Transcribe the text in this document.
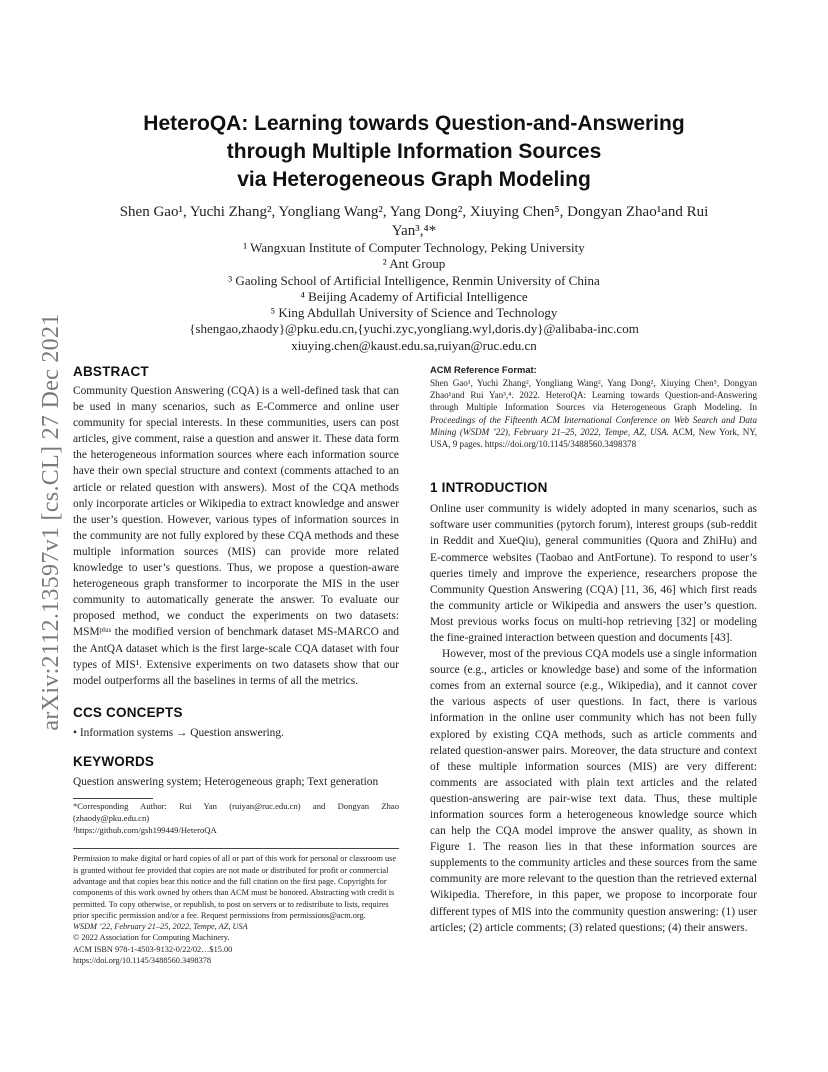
arXiv:2112.13597v1 [cs.CL] 27 Dec 2021
HeteroQA: Learning towards Question-and-Answering
through Multiple Information Sources
via Heterogeneous Graph Modeling
Shen Gao¹, Yuchi Zhang², Yongliang Wang², Yang Dong², Xiuying Chen⁵, Dongyan Zhao¹and Rui
Yan³,⁴*
¹ Wangxuan Institute of Computer Technology, Peking University
² Ant Group
³ Gaoling School of Artificial Intelligence, Renmin University of China
⁴ Beijing Academy of Artificial Intelligence
⁵ King Abdullah University of Science and Technology
{shengao,zhaody}@pku.edu.cn,{yuchi.zyc,yongliang.wyl,doris.dy}@alibaba-inc.com
xiuying.chen@kaust.edu.sa,ruiyan@ruc.edu.cn
ABSTRACT

Community Question Answering (CQA) is a well-defined task that can be used in many scenarios, such as E-Commerce and online user community for special interests. In these communities, users can post articles, give comment, raise a question and answer it. These data form the heterogeneous information sources where each information source have their own special structure and context (comments attached to an article or related question with answers). Most of the CQA methods only incorporate articles or Wikipedia to extract knowledge and answer the user’s question. However, various types of information sources in the community are not fully explored by these CQA methods and these multiple information sources (MIS) can provide more related knowledge to user’s questions. Thus, we propose a question-aware heterogeneous graph transformer to incorporate the MIS in the user community to automatically generate the answer. To evaluate our proposed method, we conduct the experiments on two datasets: MSMᵖˡᵘˢ the modified version of benchmark dataset MS-MARCO and the AntQA dataset which is the first large-scale CQA dataset with four types of MIS¹. Extensive experiments on two datasets show that our model outperforms all the baselines in terms of all the metrics.

CCS CONCEPTS
• Information systems → Question answering.
KEYWORDS
Question answering system; Heterogeneous graph; Text generation
*Corresponding Author: Rui Yan (ruiyan@ruc.edu.cn) and Dongyan Zhao (zhaody@pku.edu.cn)
¹https://github.com/gsh199449/HeteroQA
Permission to make digital or hard copies of all or part of this work for personal or classroom use is granted without fee provided that copies are not made or distributed for profit or commercial advantage and that copies bear this notice and the full citation on the first page. Copyrights for components of this work owned by others than ACM must be honored. Abstracting with credit is permitted. To copy otherwise, or republish, to post on servers or to redistribute to lists, requires prior specific permission and/or a fee. Request permissions from permissions@acm.org.
WSDM ’22, February 21–25, 2022, Tempe, AZ, USA
© 2022 Association for Computing Machinery.
ACM ISBN 978-1-4503-9132-0/22/02…$15.00
https://doi.org/10.1145/3488560.3498378
ACM Reference Format:
Shen Gao¹, Yuchi Zhang², Yongliang Wang², Yang Dong², Xiuying Chen⁵, Dongyan Zhao¹and Rui Yan³,⁴. 2022. HeteroQA: Learning towards Question-and-Answering through Multiple Information Sources via Heterogeneous Graph Modeling. In Proceedings of the Fifteenth ACM International Conference on Web Search and Data Mining (WSDM ’22), February 21–25, 2022, Tempe, AZ, USA. ACM, New York, NY, USA, 9 pages. https://doi.org/10.1145/3488560.3498378
1 INTRODUCTION

Online user community is widely adopted in many scenarios, such as software user communities (pytorch forum), interest groups (sub-reddit in Reddit and XueQiu), general communities (Quora and ZhiHu) and E-commerce websites (Taobao and AntFortune). To respond to user’s queries timely and improve the experience, researchers propose the Community Question Answering (CQA) [11, 36, 46] which first reads the community article or Wikipedia and answers the user’s question. Most previous works focus on multi-hop retrieving [32] or modeling the fine-grained interaction between question and documents [43].

However, most of the previous CQA models use a single information source (e.g., articles or knowledge base) and some of the information comes from an external source (e.g., Wikipedia), and it cannot cover the various aspects of user questions. In fact, there is various information in the online user community which has not been fully explored by existing CQA methods, such as article comments and related question-answer pairs. Moreover, the data structure and context of these multiple information sources (MIS) are very different: comments are associated with plain text articles and the related question-answering are pair-wise text data. Thus, these multiple information sources form a heterogeneous knowledge source which can help the CQA model improve the answer quality, as shown in Figure 1. The reason lies in that these information sources are supplements to the community articles and these sources from the same community are more relevant to the question than the retrieved external Wikipedia. Therefore, in this paper, we propose to incorporate four different types of MIS into the community question answering: (1) user articles; (2) article comments; (3) related questions; (4) their answers.
